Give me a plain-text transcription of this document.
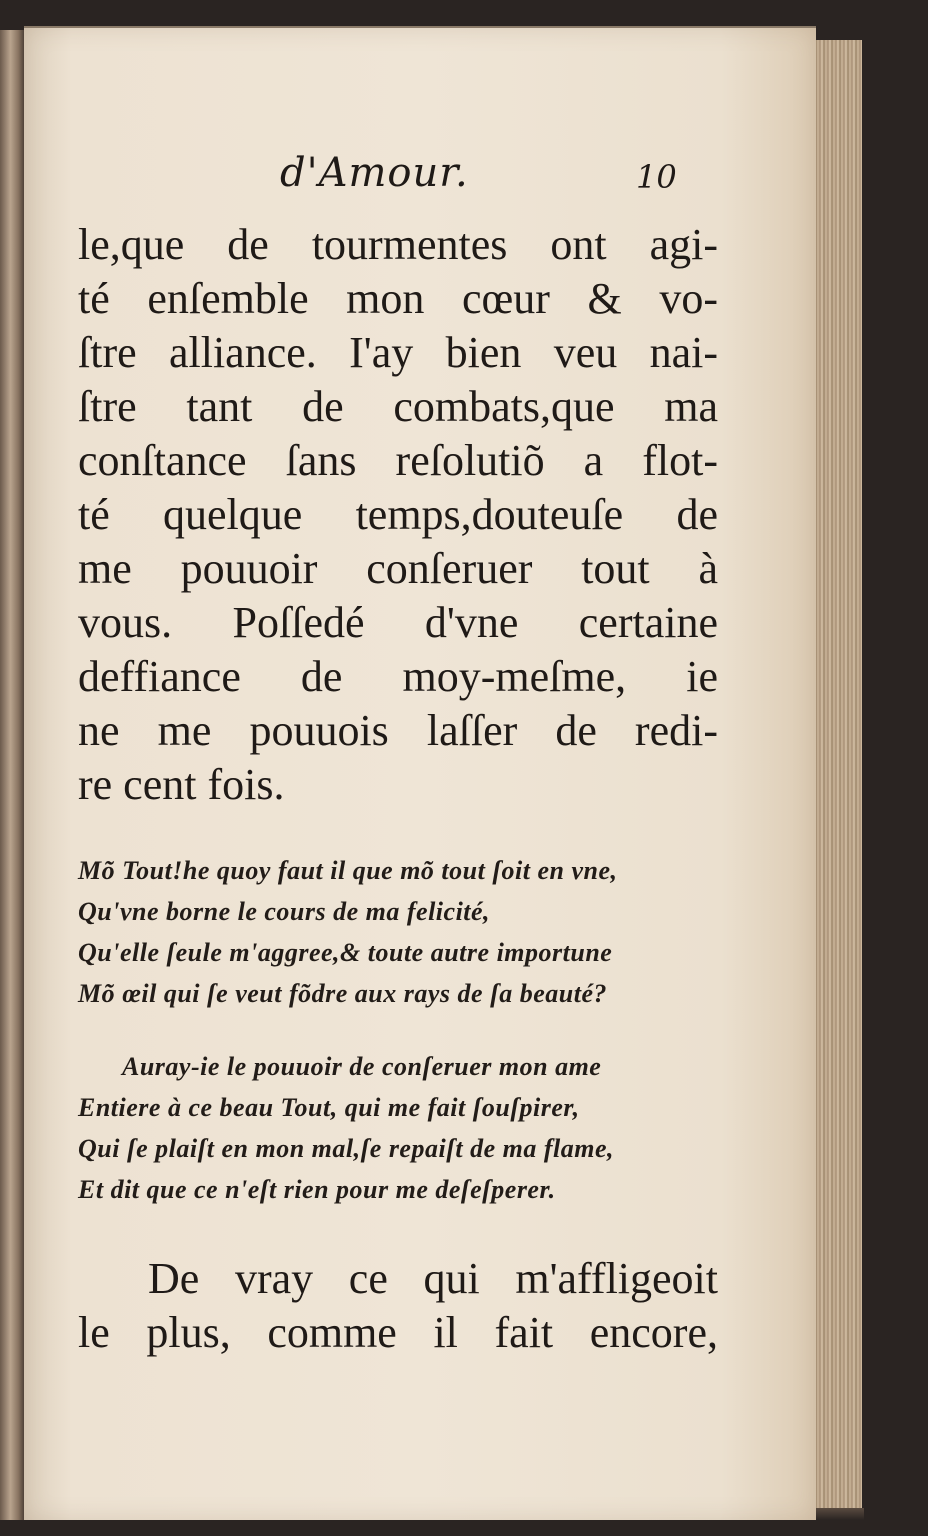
d'Amour.	10
le,que de tourmentes ont agi-
té enſemble mon cœur & vo-
ſtre alliance. I'ay bien veu nai-
ſtre tant de combats,que ma
conſtance ſans reſolutiõ a flot-
té quelque temps,douteuſe de
me pouuoir conſeruer tout à
vous. Poſſedé d'vne certaine
deffiance de moy-meſme, ie
ne me pouuois laſſer de redi-
re cent fois.
Mõ Tout!he quoy faut il que mõ tout ſoit en vne,
Qu'vne borne le cours de ma felicité,
Qu'elle ſeule m'aggree,& toute autre importune
Mõ œil qui ſe veut fõdre aux rays de ſa beauté?
Auray-ie le pouuoir de conſeruer mon ame
Entiere à ce beau Tout, qui me fait ſouſpirer,
Qui ſe plaiſt en mon mal,ſe repaiſt de ma flame,
Et dit que ce n'eſt rien pour me deſeſperer.
De vray ce qui m'affligeoit
le plus, comme il fait encore,
